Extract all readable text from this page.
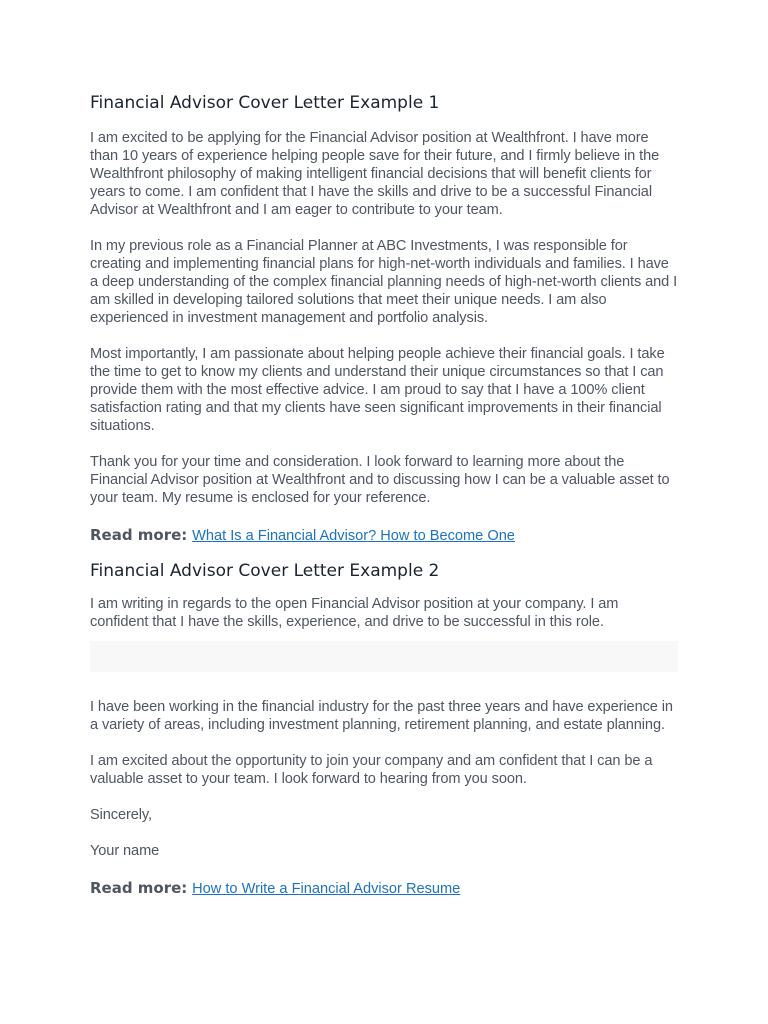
Financial Advisor Cover Letter Example 1

I am excited to be applying for the Financial Advisor position at Wealthfront. I have more than 10 years of experience helping people save for their future, and I firmly believe in the Wealthfront philosophy of making intelligent financial decisions that will benefit clients for years to come. I am confident that I have the skills and drive to be a successful Financial Advisor at Wealthfront and I am eager to contribute to your team.

In my previous role as a Financial Planner at ABC Investments, I was responsible for creating and implementing financial plans for high-net-worth individuals and families. I have a deep understanding of the complex financial planning needs of high-net-worth clients and I am skilled in developing tailored solutions that meet their unique needs. I am also experienced in investment management and portfolio analysis.

Most importantly, I am passionate about helping people achieve their financial goals. I take the time to get to know my clients and understand their unique circumstances so that I can provide them with the most effective advice. I am proud to say that I have a 100% client satisfaction rating and that my clients have seen significant improvements in their financial situations.

Thank you for your time and consideration. I look forward to learning more about the Financial Advisor position at Wealthfront and to discussing how I can be a valuable asset to your team. My resume is enclosed for your reference.

Read more: What Is a Financial Advisor? How to Become One
Financial Advisor Cover Letter Example 2

I am writing in regards to the open Financial Advisor position at your company. I am confident that I have the skills, experience, and drive to be successful in this role.

I have been working in the financial industry for the past three years and have experience in a variety of areas, including investment planning, retirement planning, and estate planning.

I am excited about the opportunity to join your company and am confident that I can be a valuable asset to your team. I look forward to hearing from you soon.

Sincerely,

Your name

Read more: How to Write a Financial Advisor Resume
